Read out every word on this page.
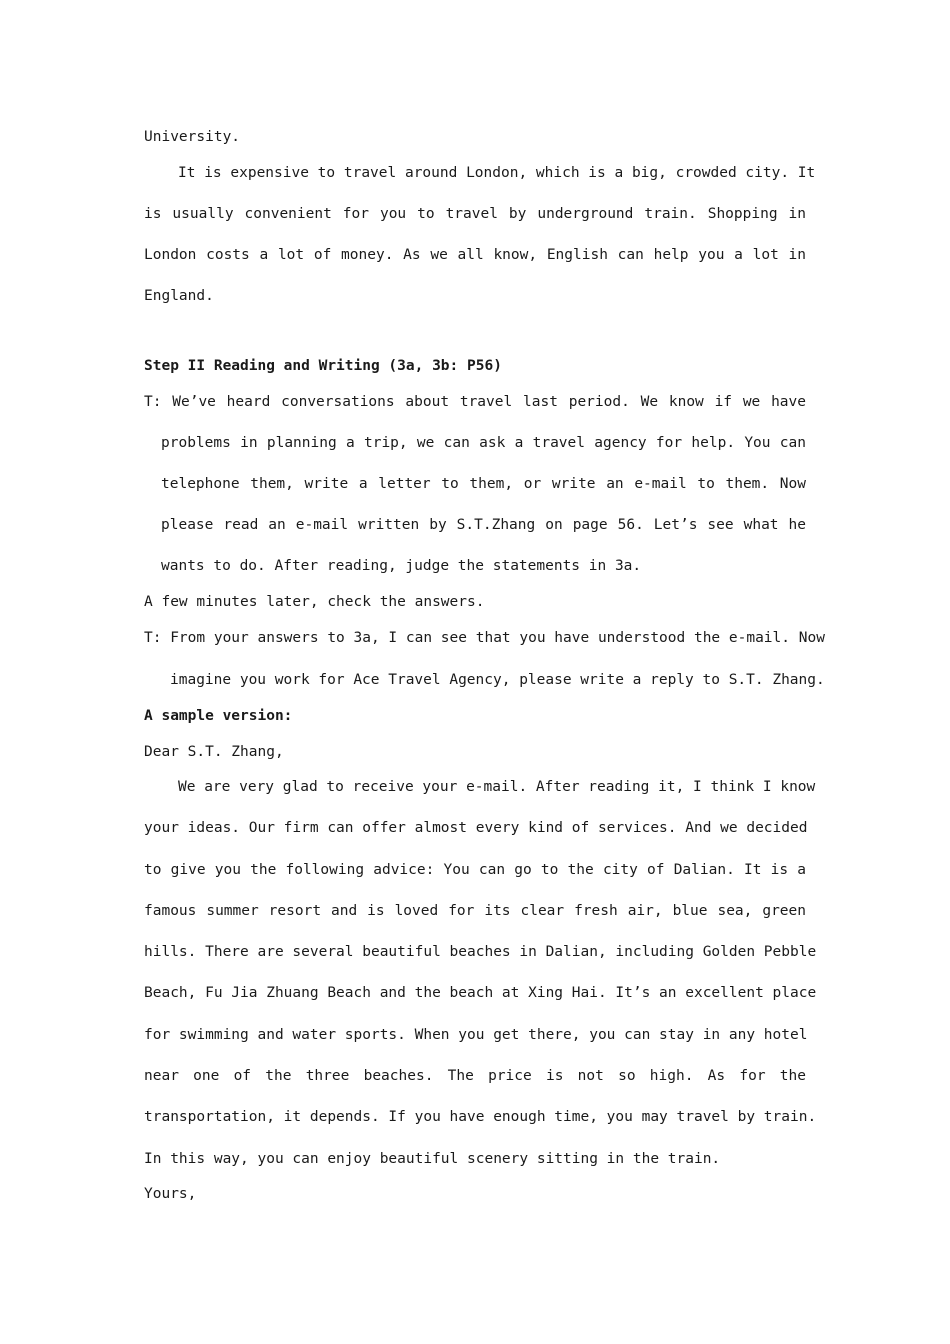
University.
It is expensive to travel around London, which is a big, crowded city. It
is usually convenient for you to travel by underground train. Shopping in
London costs a lot of money. As we all know, English can help you a lot in
England.
Step II Reading and Writing (3a, 3b: P56)
T: We’ve heard conversations about travel last period. We know if we have
problems in planning a trip, we can ask a travel agency for help. You can
telephone them, write a letter to them, or write an e-mail to them. Now
please read an e-mail written by S.T.Zhang on page 56. Let’s see what he
wants to do. After reading, judge the statements in 3a.
A few minutes later, check the answers.
T: From your answers to 3a, I can see that you have understood the e-mail. Now
imagine you work for Ace Travel Agency, please write a reply to S.T. Zhang.
A sample version:
Dear S.T. Zhang,
We are very glad to receive your e-mail. After reading it, I think I know
your ideas. Our firm can offer almost every kind of services. And we decided
to give you the following advice: You can go to the city of Dalian. It is a
famous summer resort and is loved for its clear fresh air, blue sea, green
hills. There are several beautiful beaches in Dalian, including Golden Pebble
Beach, Fu Jia Zhuang Beach and the beach at Xing Hai. It’s an excellent place
for swimming and water sports. When you get there, you can stay in any hotel
near one of the three beaches. The price is not so high. As for the
transportation, it depends. If you have enough time, you may travel by train.
In this way, you can enjoy beautiful scenery sitting in the train.
Yours,
